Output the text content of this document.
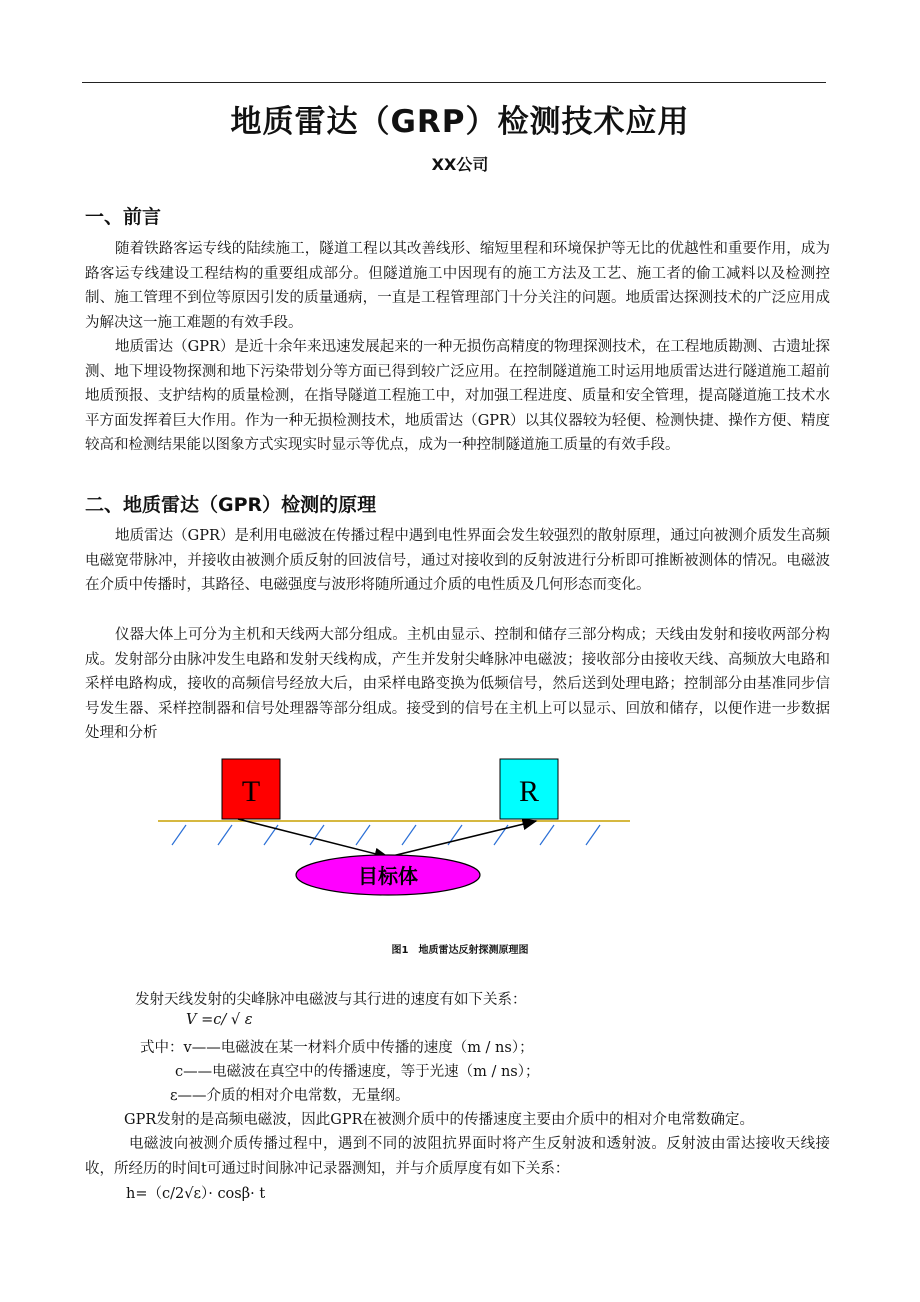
地质雷达（GRP）检测技术应用
XX公司
一、前言

随着铁路客运专线的陆续施工，隧道工程以其改善线形、缩短里程和环境保护等无比的优越性和重要作用，成为路客运专线建设工程结构的重要组成部分。但隧道施工中因现有的施工方法及工艺、施工者的偷工减料以及检测控制、施工管理不到位等原因引发的质量通病，一直是工程管理部门十分关注的问题。地质雷达探测技术的广泛应用成为解决这一施工难题的有效手段。

地质雷达（GPR）是近十余年来迅速发展起来的一种无损伤高精度的物理探测技术，在工程地质勘测、古遗址探测、地下埋设物探测和地下污染带划分等方面已得到较广泛应用。在控制隧道施工时运用地质雷达进行隧道施工超前地质预报、支护结构的质量检测，在指导隧道工程施工中，对加强工程进度、质量和安全管理，提高隧道施工技术水平方面发挥着巨大作用。作为一种无损检测技术，地质雷达（GPR）以其仪器较为轻便、检测快捷、操作方便、精度较高和检测结果能以图象方式实现实时显示等优点，成为一种控制隧道施工质量的有效手段。

二、地质雷达（GPR）检测的原理

地质雷达（GPR）是利用电磁波在传播过程中遇到电性界面会发生较强烈的散射原理，通过向被测介质发生高频电磁宽带脉冲，并接收由被测介质反射的回波信号，通过对接收到的反射波进行分析即可推断被测体的情况。电磁波在介质中传播时，其路径、电磁强度与波形将随所通过介质的电性质及几何形态而变化。

仪器大体上可分为主机和天线两大部分组成。主机由显示、控制和储存三部分构成；天线由发射和接收两部分构成。发射部分由脉冲发生电路和发射天线构成，产生并发射尖峰脉冲电磁波；接收部分由接收天线、高频放大电路和采样电路构成，接收的高频信号经放大后，由采样电路变换为低频信号，然后送到处理电路；控制部分由基准同步信号发生器、采样控制器和信号处理器等部分组成。接受到的信号在主机上可以显示、回放和储存，以便作进一步数据处理和分析

T	R
目标体
图1　地质雷达反射探测原理图
发射天线发射的尖峰脉冲电磁波与其行进的速度有如下关系：
V =c/ √ ε
式中：v——电磁波在某一材料介质中传播的速度（m / ns）；
c——电磁波在真空中的传播速度，等于光速（m / ns）；
ε——介质的相对介电常数，无量纲。
GPR发射的是高频电磁波，因此GPR在被测介质中的传播速度主要由介质中的相对介电常数确定。

电磁波向被测介质传播过程中，遇到不同的波阻抗界面时将产生反射波和透射波。反射波由雷达接收天线接收，所经历的时间t可通过时间脉冲记录器测知，并与介质厚度有如下关系：

h=（c/2√ε）· cosβ· t
